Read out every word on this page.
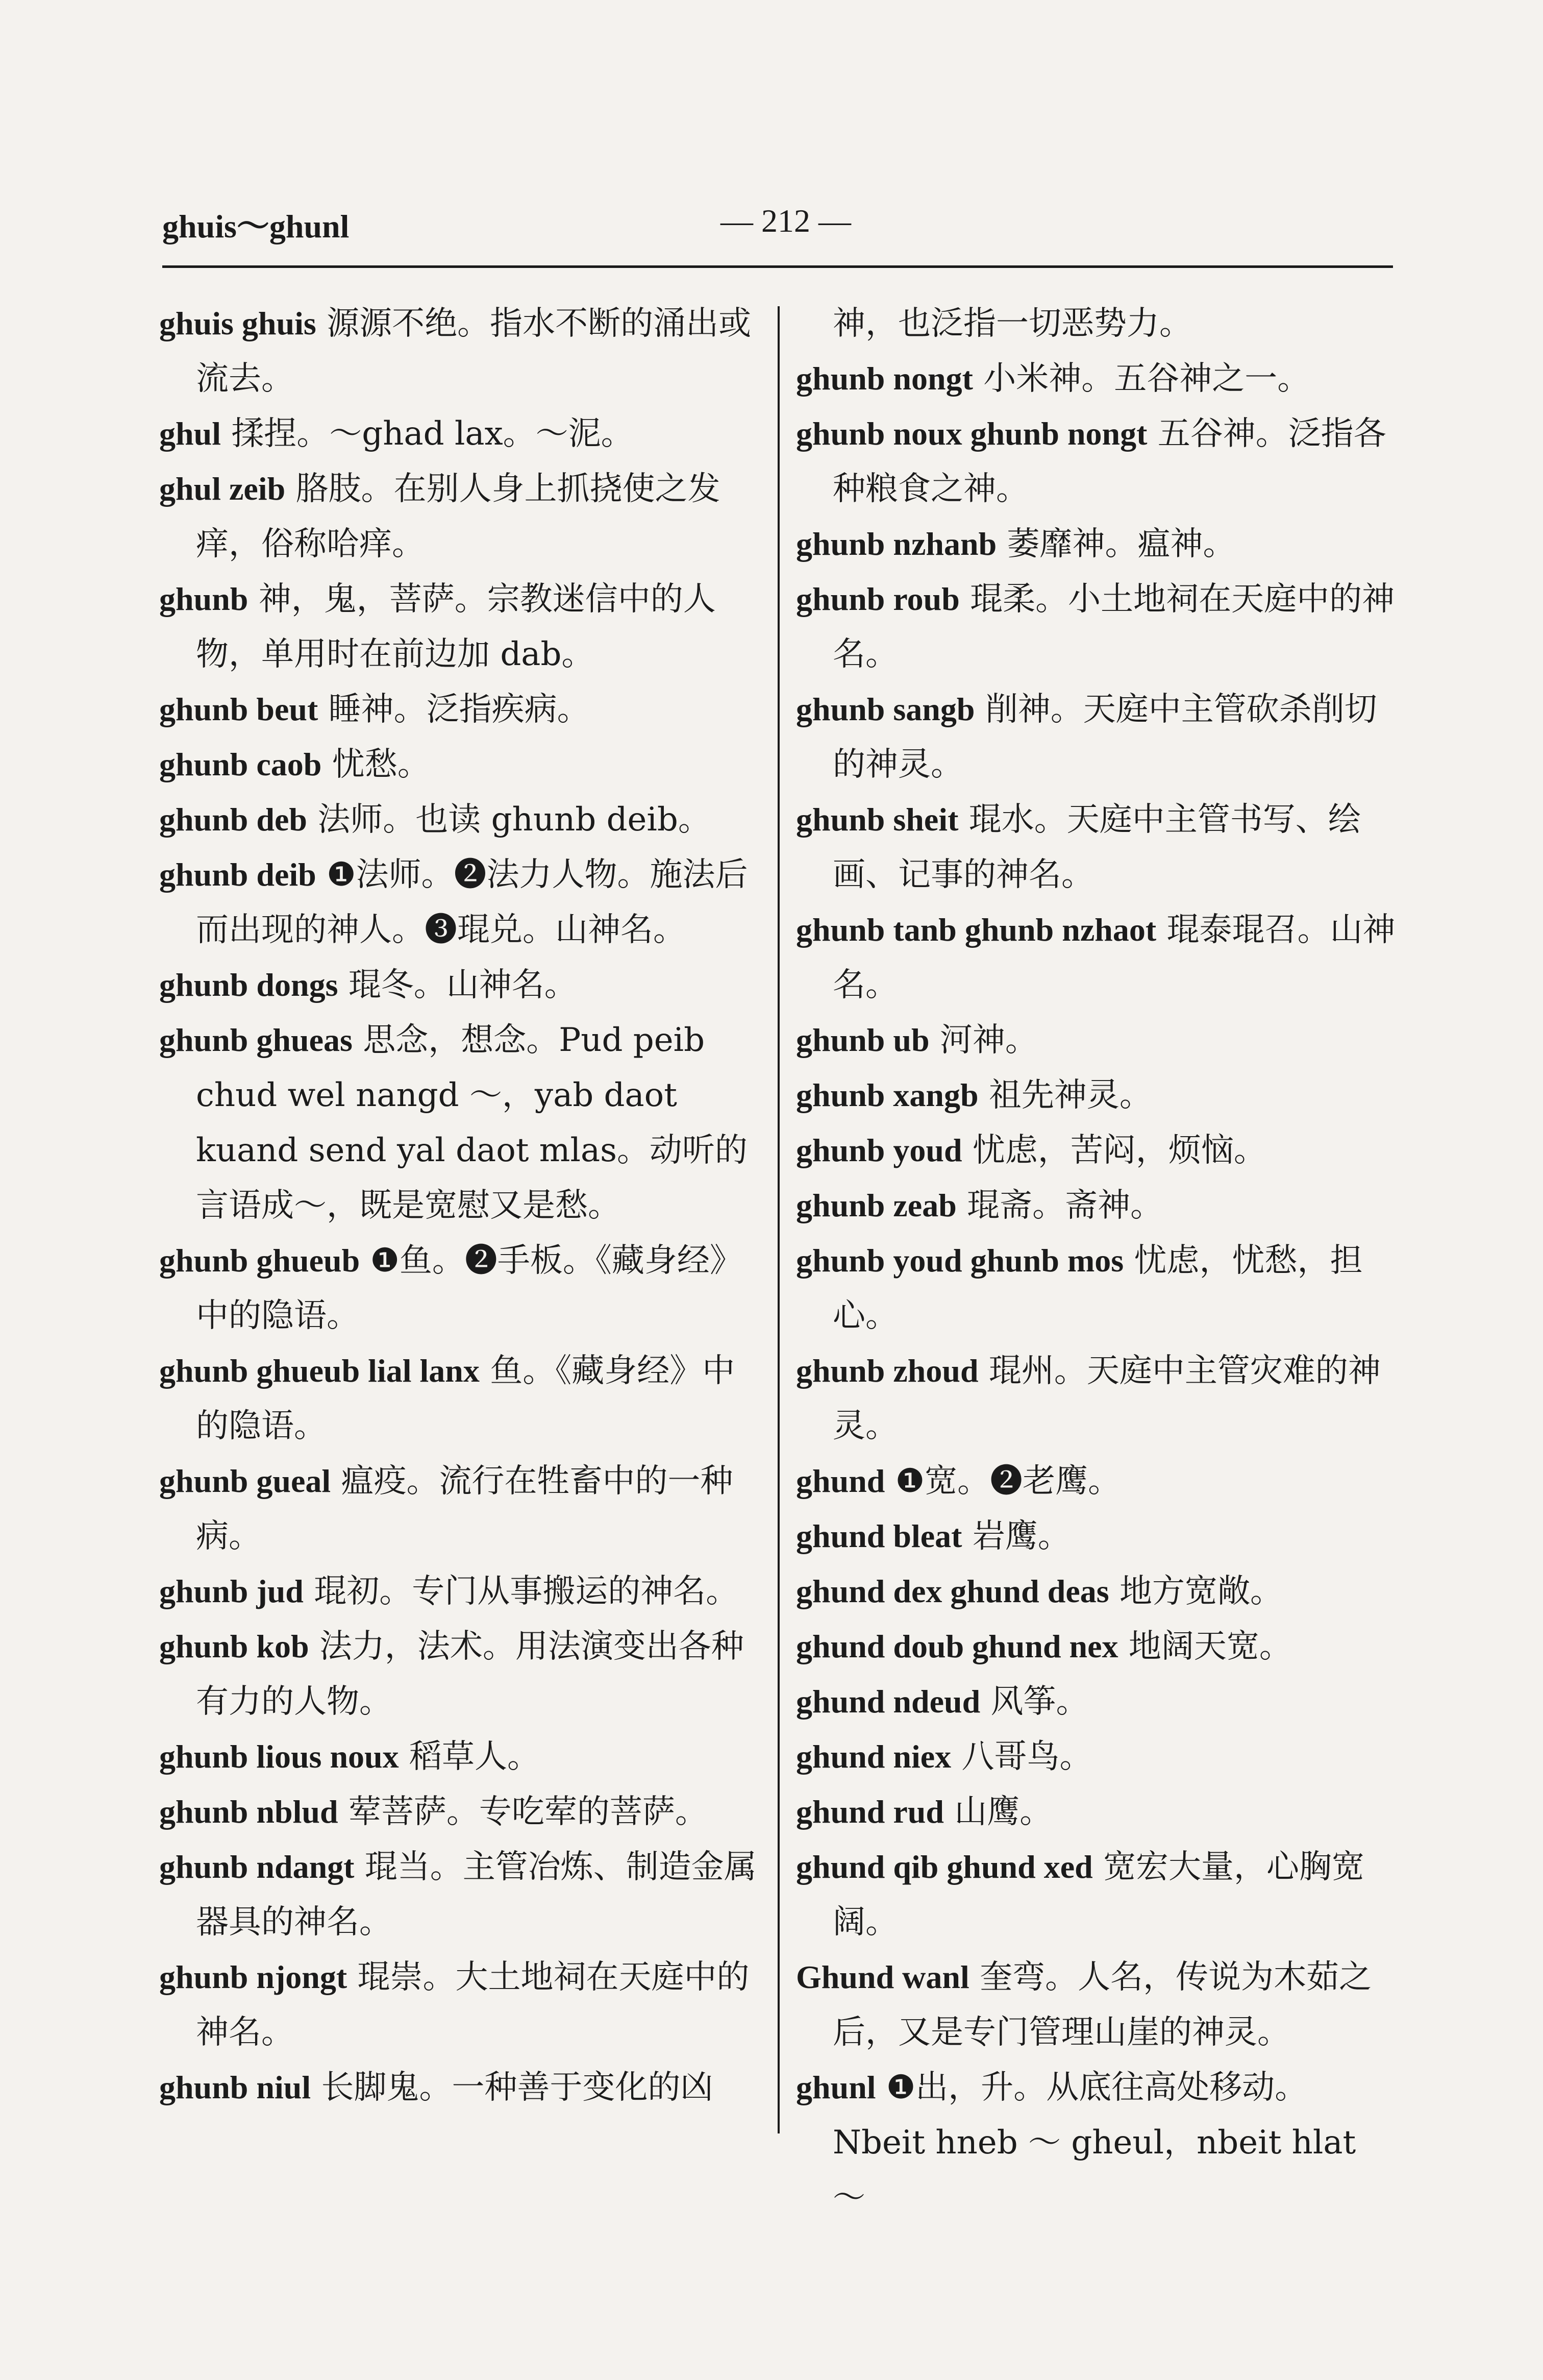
ghuis～ghunl	— 212 —

ghuis ghuis 源源不绝。指水不断的涌出或流去。

ghul 揉捏。～ghad lax。～泥。

ghul zeib 胳肢。在别人身上抓挠使之发痒，俗称哈痒。

ghunb 神，鬼，菩萨。宗教迷信中的人物，单用时在前边加 dab。

ghunb beut 睡神。泛指疾病。

ghunb caob 忧愁。

ghunb deb 法师。也读 ghunb deib。

ghunb deib ❶法师。❷法力人物。施法后而出现的神人。❸琨兑。山神名。

ghunb dongs 琨冬。山神名。

ghunb ghueas 思念，想念。Pud peib chud wel nangd ～，yab daot kuand send yal daot mlas。动听的言语成～，既是宽慰又是愁。

ghunb ghueub ❶鱼。❷手板。《藏身经》中的隐语。

ghunb ghueub lial lanx 鱼。《藏身经》中的隐语。

ghunb gueal 瘟疫。流行在牲畜中的一种病。

ghunb jud 琨初。专门从事搬运的神名。

ghunb kob 法力，法术。用法演变出各种有力的人物。

ghunb lious noux 稻草人。

ghunb nblud 荤菩萨。专吃荤的菩萨。

ghunb ndangt 琨当。主管冶炼、制造金属器具的神名。

ghunb njongt 琨崇。大土地祠在天庭中的神名。

ghunb niul 长脚鬼。一种善于变化的凶

神，也泛指一切恶势力。

ghunb nongt 小米神。五谷神之一。

ghunb noux ghunb nongt 五谷神。泛指各种粮食之神。

ghunb nzhanb 萎靡神。瘟神。

ghunb roub 琨柔。小土地祠在天庭中的神名。

ghunb sangb 削神。天庭中主管砍杀削切的神灵。

ghunb sheit 琨水。天庭中主管书写、绘画、记事的神名。

ghunb tanb ghunb nzhaot 琨泰琨召。山神名。

ghunb ub 河神。

ghunb xangb 祖先神灵。

ghunb youd 忧虑，苦闷，烦恼。

ghunb zeab 琨斋。斋神。

ghunb youd ghunb mos 忧虑，忧愁，担心。

ghunb zhoud 琨州。天庭中主管灾难的神灵。

ghund ❶宽。❷老鹰。

ghund bleat 岩鹰。

ghund dex ghund deas 地方宽敞。

ghund doub ghund nex 地阔天宽。

ghund ndeud 风筝。

ghund niex 八哥鸟。

ghund rud 山鹰。

ghund qib ghund xed 宽宏大量，心胸宽阔。

Ghund wanl 奎弯。人名，传说为木茹之后，又是专门管理山崖的神灵。

ghunl ❶出，升。从底往高处移动。

Nbeit hneb ～ gheul，nbeit hlat ～
